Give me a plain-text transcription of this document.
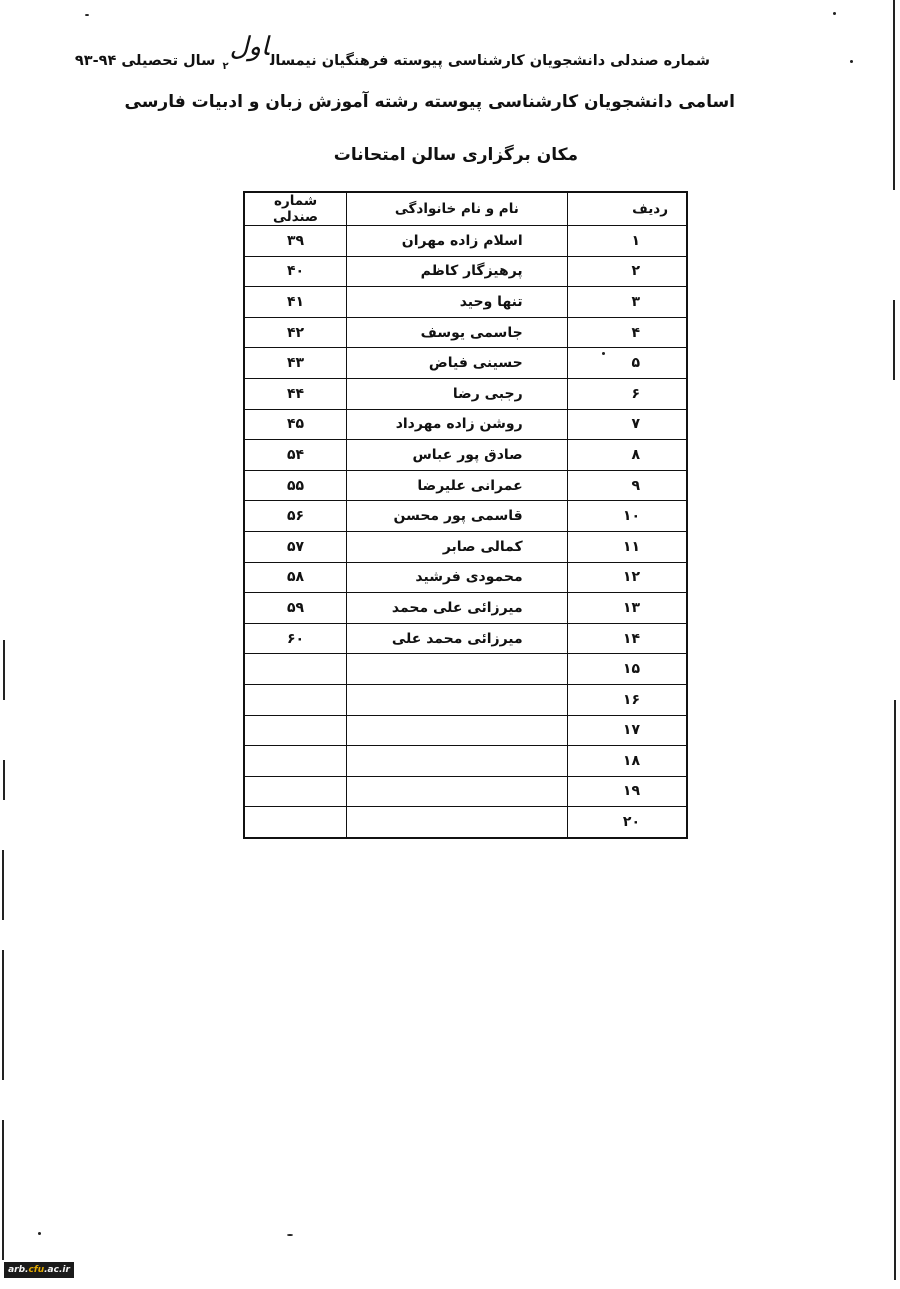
شماره صندلی دانشجویان کارشناسی پیوسته فرهنگیان نیمسالاول$_۲$ سال تحصیلی ۹۴-۹۳
اسامی دانشجویان کارشناسی پیوسته رشته آموزش زبان و ادبیات فارسی
مکان برگزاری سالن امتحانات
ردیف	نام و نام خانوادگی	شماره صندلی
۱	اسلام زاده مهران	۳۹
۲	پرهیزگار کاظم	۴۰
۳	تنها وحید	۴۱
۴	جاسمی یوسف	۴۲
۵	حسینی فیاض	۴۳
۶	رجبی رضا	۴۴
۷	روشن زاده مهرداد	۴۵
۸	صادق پور عباس	۵۴
۹	عمرانی علیرضا	۵۵
۱۰	قاسمی پور محسن	۵۶
۱۱	کمالی صابر	۵۷
۱۲	محمودی فرشید	۵۸
۱۳	میرزائی علی محمد	۵۹
۱۴	میرزائی محمد علی	۶۰
۱۵		
۱۶		
۱۷		
۱۸		
۱۹		
۲۰		
arb.cfu.ac.ir
